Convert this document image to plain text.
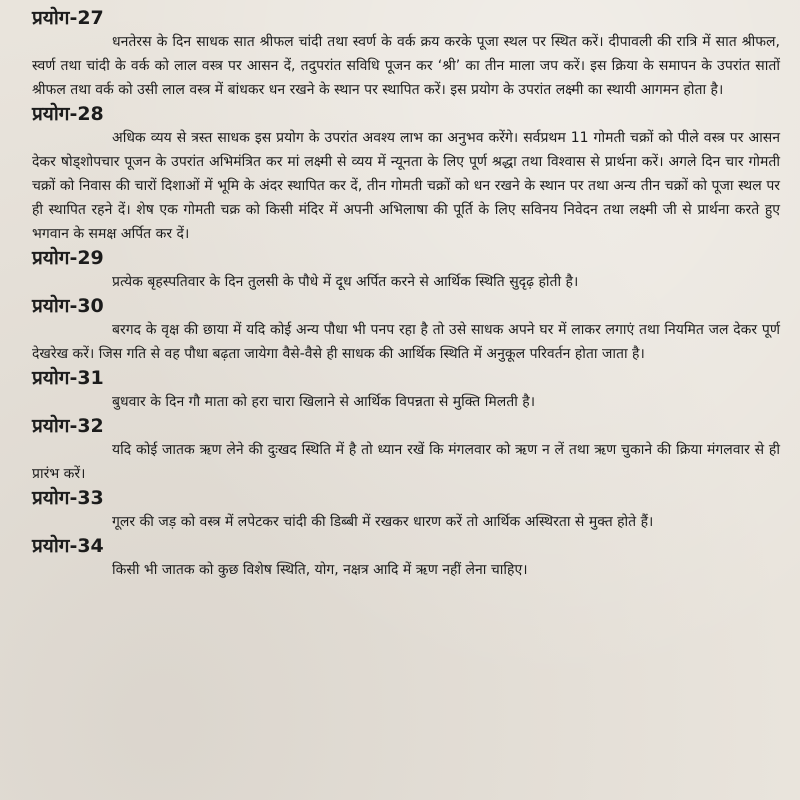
प्रयोग-27

धनतेरस के दिन साधक सात श्रीफल चांदी तथा स्वर्ण के वर्क क्रय करके पूजा स्थल पर स्थित करें। दीपावली की रात्रि में सात श्रीफल, स्वर्ण तथा चांदी के वर्क को लाल वस्त्र पर आसन दें, तदुपरांत सविधि पूजन कर ‘श्री’ का तीन माला जप करें। इस क्रिया के समापन के उपरांत सातों श्रीफल तथा वर्क को उसी लाल वस्त्र में बांधकर धन रखने के स्थान पर स्थापित करें। इस प्रयोग के उपरांत लक्ष्मी का स्थायी आगमन होता है।

प्रयोग-28

अधिक व्यय से त्रस्त साधक इस प्रयोग के उपरांत अवश्य लाभ का अनुभव करेंगे। सर्वप्रथम 11 गोमती चक्रों को पीले वस्त्र पर आसन देकर षोड्शोपचार पूजन के उपरांत अभिमंत्रित कर मां लक्ष्मी से व्यय में न्यूनता के लिए पूर्ण श्रद्धा तथा विश्वास से प्रार्थना करें। अगले दिन चार गोमती चक्रों को निवास की चारों दिशाओं में भूमि के अंदर स्थापित कर दें, तीन गोमती चक्रों को धन रखने के स्थान पर तथा अन्य तीन चक्रों को पूजा स्थल पर ही स्थापित रहने दें। शेष एक गोमती चक्र को किसी मंदिर में अपनी अभिलाषा की पूर्ति के लिए सविनय निवेदन तथा लक्ष्मी जी से प्रार्थना करते हुए भगवान के समक्ष अर्पित कर दें।

प्रयोग-29

प्रत्येक बृहस्पतिवार के दिन तुलसी के पौधे में दूध अर्पित करने से आर्थिक स्थिति सुदृढ़ होती है।

प्रयोग-30

बरगद के वृक्ष की छाया में यदि कोई अन्य पौधा भी पनप रहा है तो उसे साधक अपने घर में लाकर लगाएं तथा नियमित जल देकर पूर्ण देखरेख करें। जिस गति से वह पौधा बढ़ता जायेगा वैसे-वैसे ही साधक की आर्थिक स्थिति में अनुकूल परिवर्तन होता जाता है।

प्रयोग-31

बुधवार के दिन गौ माता को हरा चारा खिलाने से आर्थिक विपन्नता से मुक्ति मिलती है।

प्रयोग-32

यदि कोई जातक ऋण लेने की दुःखद स्थिति में है तो ध्यान रखें कि मंगलवार को ऋण न लें तथा ऋण चुकाने की क्रिया मंगलवार से ही प्रारंभ करें।

प्रयोग-33

गूलर की जड़ को वस्त्र में लपेटकर चांदी की डिब्बी में रखकर धारण करें तो आर्थिक अस्थिरता से मुक्त होते हैं।

प्रयोग-34

किसी भी जातक को कुछ विशेष स्थिति, योग, नक्षत्र आदि में ऋण नहीं लेना चाहिए।
